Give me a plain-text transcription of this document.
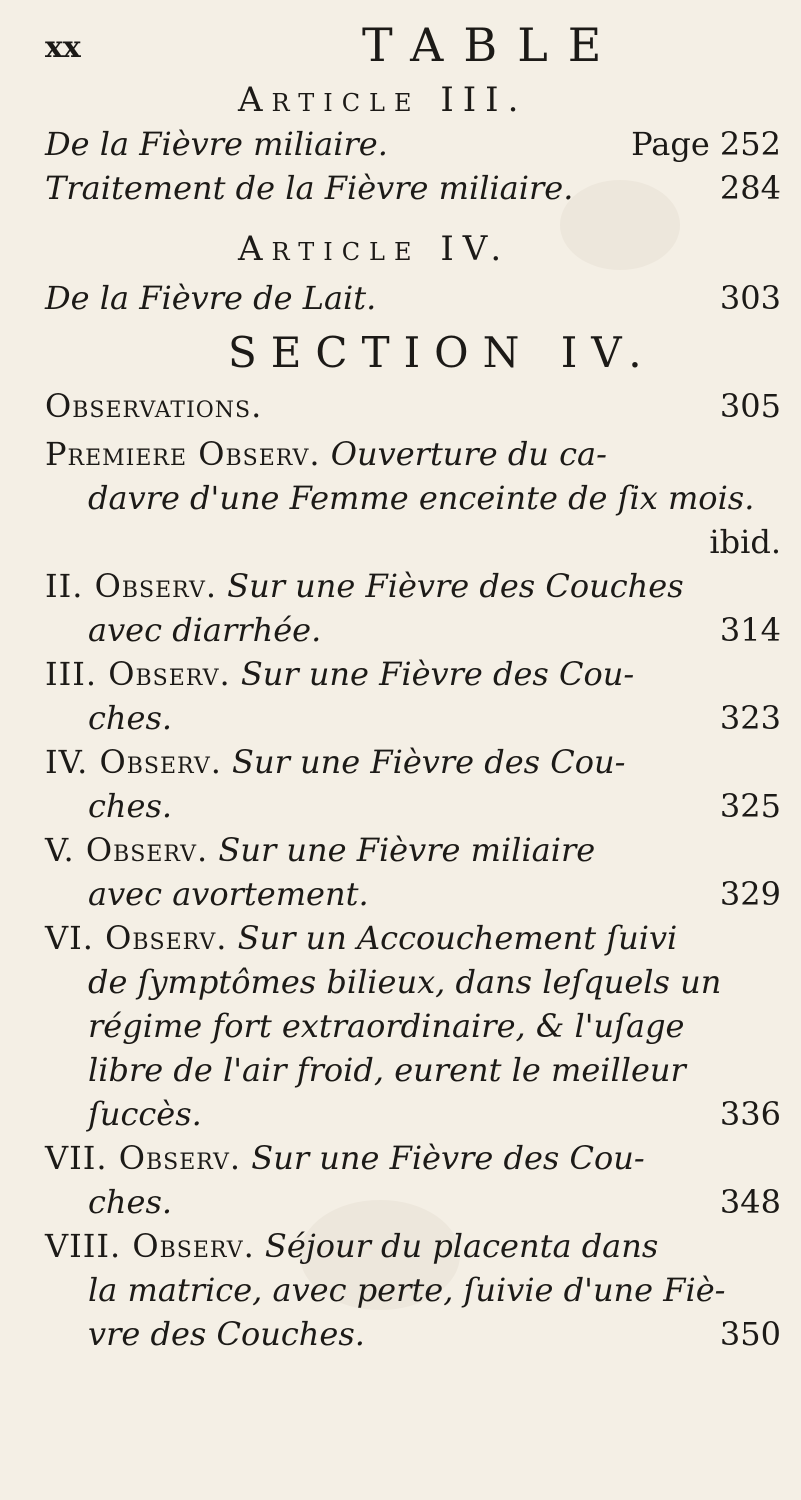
xx	TABLE
Article III.
De la Fièvre miliaire.	Page 252
Traitement de la Fièvre miliaire.	284
Article IV.
De la Fièvre de Lait.	303
SECTION IV.
Observations.	305
Premiere Observ. Ouverture du ca-
davre d'une Femme enceinte de ſix mois.
ibid.
II. Observ. Sur une Fièvre des Couches
avec diarrhée.	314
III. Observ. Sur une Fièvre des Cou-
ches.	323
IV. Observ. Sur une Fièvre des Cou-
ches.	325
V. Observ. Sur une Fièvre miliaire
avec avortement.	329
VI. Observ. Sur un Accouchement ſuivi
de ſymptômes bilieux, dans leſquels un
régime fort extraordinaire, & l'uſage
libre de l'air froid, eurent le meilleur
ſuccès.	336
VII. Observ. Sur une Fièvre des Cou-
ches.	348
VIII. Observ. Séjour du placenta dans
la matrice, avec perte, ſuivie d'une Fiè-
vre des Couches.	350
